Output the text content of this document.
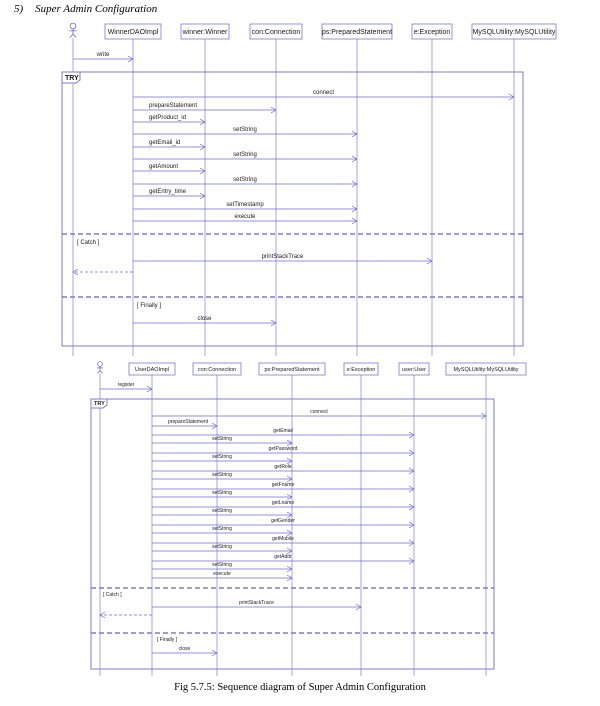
5) Super Admin Configuration
WinnerDAOImpl	winner:Winner	con:Connection	ps:PreparedStatement	e:Exception	MySQLUtility:MySQLUtility
write
TRY
[ Catch ]
[ Finally ]
connect
prepareStatement
getProduct_id
setString
getEmail_id
setString
getAmount
setString
getEntry_time
setTimestamp
execute
printStackTrace
close
UserDAOImpl	con:Connection	ps:PreparedStatement	e:Exception	user:User	MySQLUtility:MySQLUtility
register
TRY
[ Catch ]
[ Finally ]
connect
prepareStatement
getEmail
setString
getPassword
setString
getRole
setString
getFname
setString
getLname
setString
getGender
setString
getMobile
setString
getAddr
setString
execute
printStackTrace
close
Fig 5.7.5: Sequence diagram of Super Admin Configuration
